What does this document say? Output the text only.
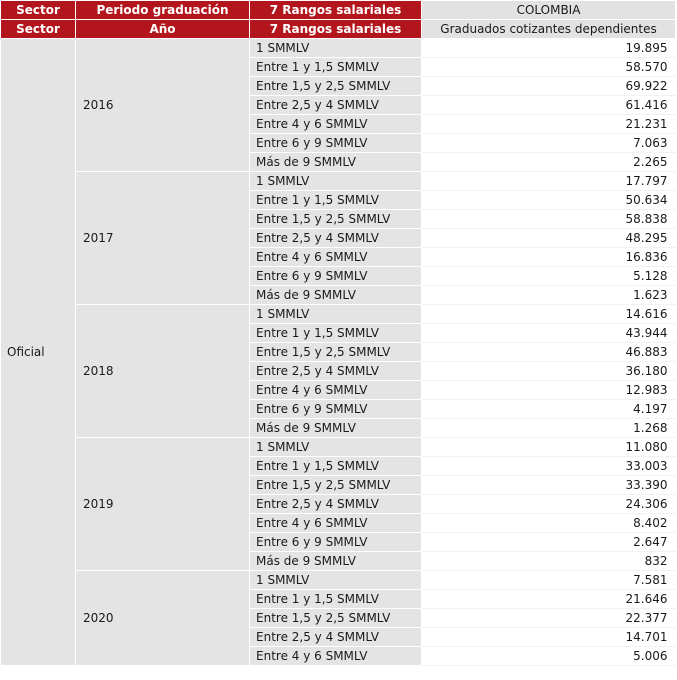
Sector	Periodo graduación	7 Rangos salariales	COLOMBIA
Sector	Año	7 Rangos salariales	Graduados cotizantes dependientes
Oficial	2016	1 SMMLV	19.895
		Entre 1 y 1,5 SMMLV	58.570
		Entre 1,5 y 2,5 SMMLV	69.922
		Entre 2,5 y 4 SMMLV	61.416
		Entre 4 y 6 SMMLV	21.231
		Entre 6 y 9 SMMLV	7.063
		Más de 9 SMMLV	2.265
	2017	1 SMMLV	17.797
		Entre 1 y 1,5 SMMLV	50.634
		Entre 1,5 y 2,5 SMMLV	58.838
		Entre 2,5 y 4 SMMLV	48.295
		Entre 4 y 6 SMMLV	16.836
		Entre 6 y 9 SMMLV	5.128
		Más de 9 SMMLV	1.623
	2018	1 SMMLV	14.616
		Entre 1 y 1,5 SMMLV	43.944
		Entre 1,5 y 2,5 SMMLV	46.883
		Entre 2,5 y 4 SMMLV	36.180
		Entre 4 y 6 SMMLV	12.983
		Entre 6 y 9 SMMLV	4.197
		Más de 9 SMMLV	1.268
	2019	1 SMMLV	11.080
		Entre 1 y 1,5 SMMLV	33.003
		Entre 1,5 y 2,5 SMMLV	33.390
		Entre 2,5 y 4 SMMLV	24.306
		Entre 4 y 6 SMMLV	8.402
		Entre 6 y 9 SMMLV	2.647
		Más de 9 SMMLV	832
	2020	1 SMMLV	7.581
		Entre 1 y 1,5 SMMLV	21.646
		Entre 1,5 y 2,5 SMMLV	22.377
		Entre 2,5 y 4 SMMLV	14.701
		Entre 4 y 6 SMMLV	5.006
